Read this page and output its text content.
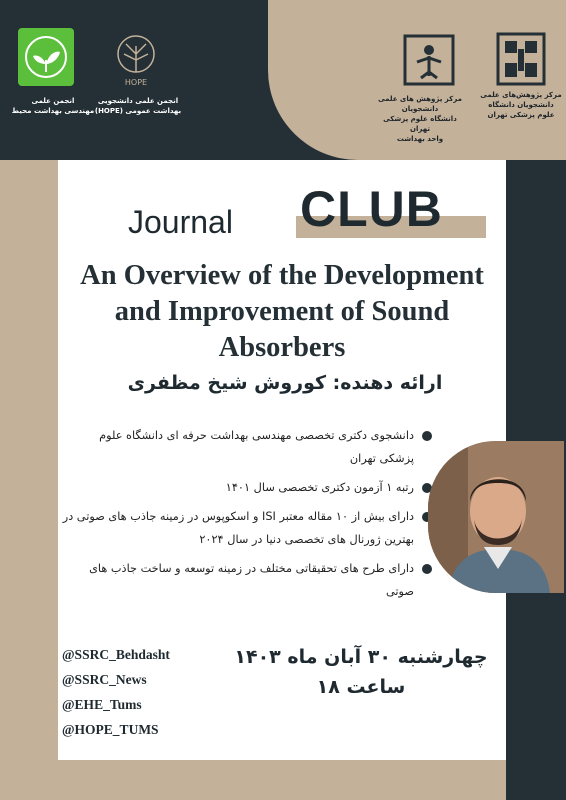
انجمن علمی
مهندسی بهداشت محیط
HOPE
انجمن علمی دانشجویی
بهداشت عمومی (HOPE)
مرکز پژوهش های علمی دانشجویان
دانشگاه علوم پزشکی تهران
واحد بهداشت
مرکز پژوهش‌های علمی
دانشجویان دانشگاه
علوم پزشکی تهران
Journal CLUB
An Overview of the Development and Improvement of Sound Absorbers
ارائه دهنده: کوروش شیخ مظفری
دانشجوی دکتری تخصصی مهندسی بهداشت حرفه ای دانشگاه علوم پزشکی تهران
رتبه ۱ آزمون دکتری تخصصی سال ۱۴۰۱
دارای بیش از ۱۰ مقاله معتبر ISI و اسکوپوس در زمینه جاذب های صوتی در بهترین ژورنال های تخصصی دنیا در سال ۲۰۲۴
دارای طرح های تحقیقاتی مختلف در زمینه توسعه و ساخت جاذب های صوتی
@SSRC_Behdasht
@SSRC_News
@EHE_Tums
@HOPE_TUMS
چهارشنبه ۳۰ آبان ماه ۱۴۰۳
ساعت ۱۸
